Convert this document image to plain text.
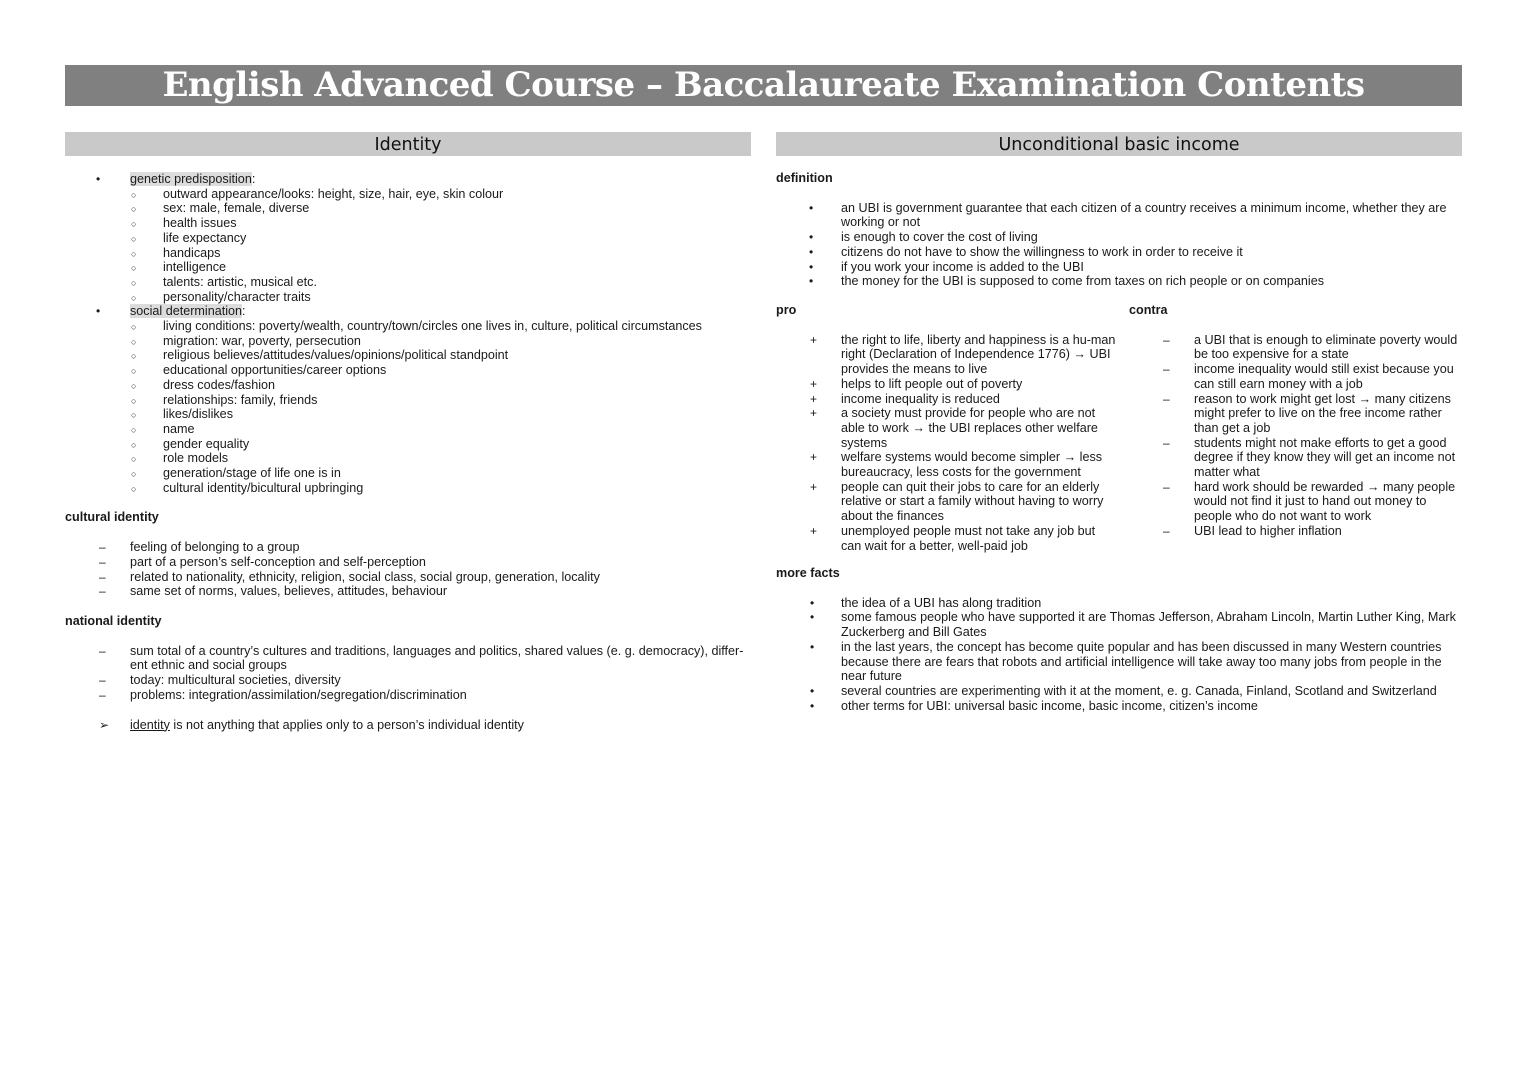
English Advanced Course – Baccalaureate Examination Contents
Identity
• genetic predisposition:
○ outward appearance/looks: height, size, hair, eye, skin colour
○ sex: male, female, diverse
○ health issues
○ life expectancy
○ handicaps
○ intelligence
○ talents: artistic, musical etc.
○ personality/character traits
• social determination:
○ living conditions: poverty/wealth, country/town/circles one lives in, culture, political circumstances
○ migration: war, poverty, persecution
○ religious believes/attitudes/values/opinions/political standpoint
○ educational opportunities/career options
○ dress codes/fashion
○ relationships: family, friends
○ likes/dislikes
○ name
○ gender equality
○ role models
○ generation/stage of life one is in
○ cultural identity/bicultural upbringing
cultural identity
– feeling of belonging to a group
– part of a person’s self-conception and self-perception
– related to nationality, ethnicity, religion, social class, social group, generation, locality
– same set of norms, values, believes, attitudes, behaviour
national identity
– sum total of a country’s cultures and traditions, languages and politics, shared values (e. g. democracy), differ-ent ethnic and social groups
– today: multicultural societies, diversity
– problems: integration/assimilation/segregation/discrimination
➢ identity is not anything that applies only to a person’s individual identity
Unconditional basic income
definition
• an UBI is government guarantee that each citizen of a country receives a minimum income, whether they are working or not
• is enough to cover the cost of living
• citizens do not have to show the willingness to work in order to receive it
• if you work your income is added to the UBI
• the money for the UBI is supposed to come from taxes on rich people or on companies
pro
+ the right to life, liberty and happiness is a hu-man right (Declaration of Independence 1776) → UBI provides the means to live
+ helps to lift people out of poverty
+ income inequality is reduced
+ a society must provide for people who are not able to work → the UBI replaces other welfare systems
+ welfare systems would become simpler → less bureaucracy, less costs for the government
+ people can quit their jobs to care for an elderly relative or start a family without having to worry about the finances
+ unemployed people must not take any job but can wait for a better, well-paid job
contra
– a UBI that is enough to eliminate poverty would be too expensive for a state
– income inequality would still exist because you can still earn money with a job
– reason to work might get lost → many citizens might prefer to live on the free income rather than get a job
– students might not make efforts to get a good degree if they know they will get an income not matter what
– hard work should be rewarded → many people would not find it just to hand out money to people who do not want to work
– UBI lead to higher inflation
more facts
• the idea of a UBI has along tradition
• some famous people who have supported it are Thomas Jefferson, Abraham Lincoln, Martin Luther King, Mark Zuckerberg and Bill Gates
• in the last years, the concept has become quite popular and has been discussed in many Western countries because there are fears that robots and artificial intelligence will take away too many jobs from people in the near future
• several countries are experimenting with it at the moment, e. g. Canada, Finland, Scotland and Switzerland
• other terms for UBI: universal basic income, basic income, citizen’s income
